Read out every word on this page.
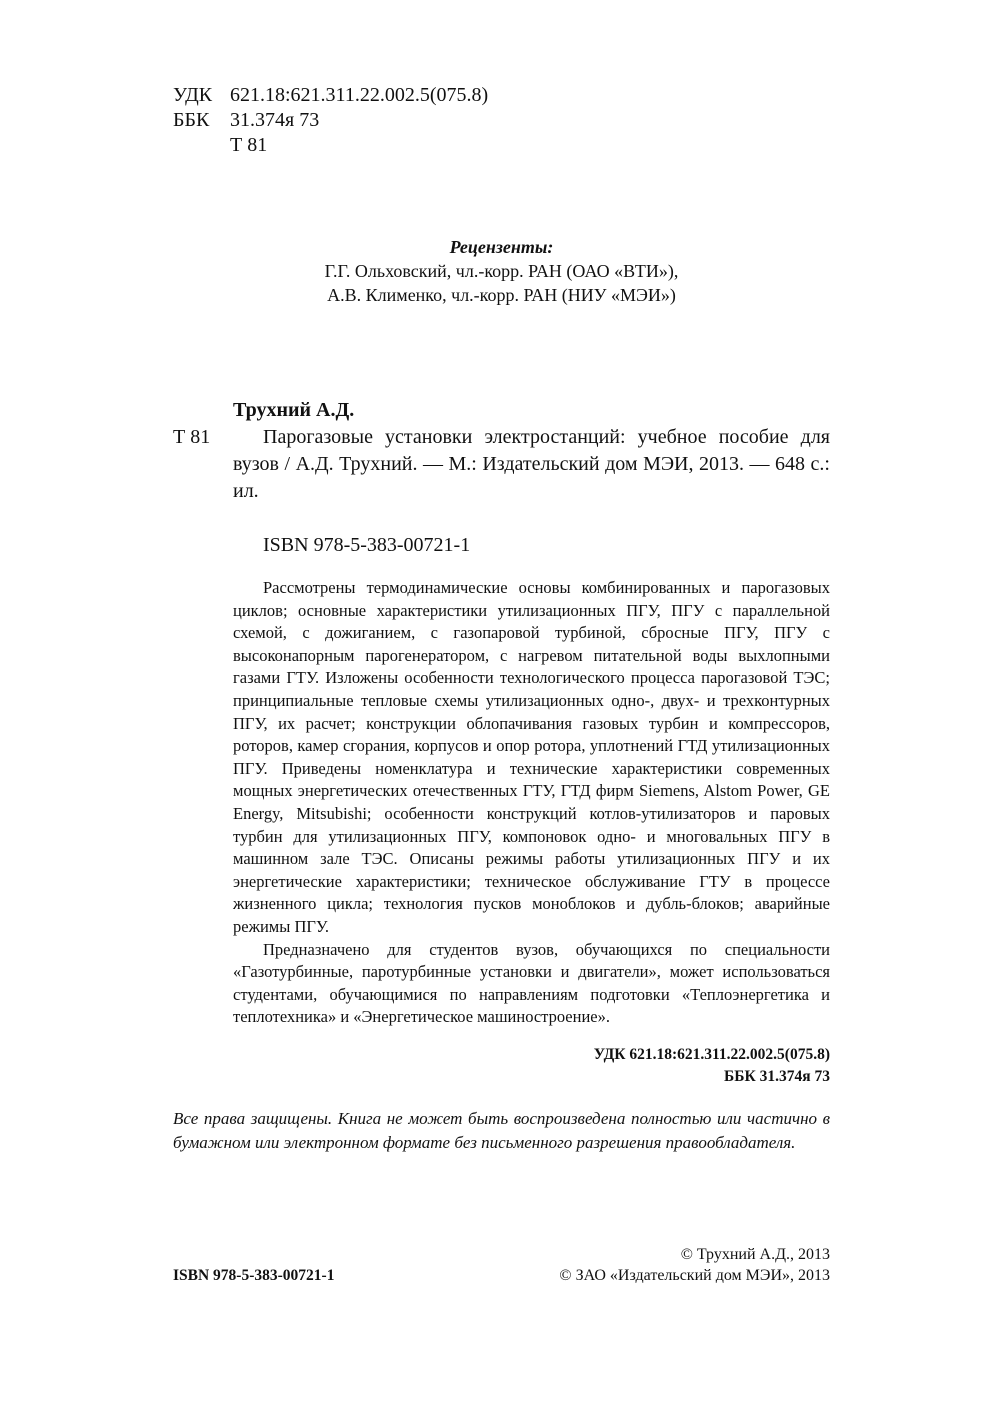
УДК 621.18:621.311.22.002.5(075.8)
ББК	31.374я 73
Т 81
Рецензенты:
Г.Г. Ольховский, чл.-корр. РАН (ОАО «ВТИ»),
А.В. Клименко, чл.-корр. РАН (НИУ «МЭИ»)
Трухний А.Д.
Т 81	Парогазовые установки электростанций: учебное пособие для вузов / А.Д. Трухний. — М.: Издательский дом МЭИ, 2013. — 648 с.: ил.
ISBN 978-5-383-00721-1

Рассмотрены термодинамические основы комбинированных и парогазовых циклов; основные характеристики утилизационных ПГУ, ПГУ с параллельной схемой, с дожиганием, с газопаровой турбиной, сбросные ПГУ, ПГУ с высоконапорным парогенератором, с нагревом питательной воды выхлопными газами ГТУ. Изложены особенности технологического процесса парогазовой ТЭС; принципиальные тепловые схемы утилизационных одно-, двух- и трехконтурных ПГУ, их расчет; конструкции облопачивания газовых турбин и компрессоров, роторов, камер сгорания, корпусов и опор ротора, уплотнений ГТД утилизационных ПГУ. Приведены номенклатура и технические характеристики современных мощных энергетических отечественных ГТУ, ГТД фирм Siemens, Alstom Power, GE Energy, Mitsubishi; особенности конструкций котлов-утилизаторов и паровых турбин для утилизационных ПГУ, компоновок одно- и многовальных ПГУ в машинном зале ТЭС. Описаны режимы работы утилизационных ПГУ и их энергетические характеристики; техническое обслуживание ГТУ в процессе жизненного цикла; технология пусков моноблоков и дубль-блоков; аварийные режимы ПГУ.

Предназначено для студентов вузов, обучающихся по специальности «Газотурбинные, паротурбинные установки и двигатели», может использоваться студентами, обучающимися по направлениям подготовки «Теплоэнергетика и теплотехника» и «Энергетическое машиностроение».

УДК 621.18:621.311.22.002.5(075.8)
ББК 31.374я 73
Все права защищены. Книга не может быть воспроизведена полностью или частично в бумажном или электронном формате без письменного разрешения правообладателя.
ISBN 978-5-383-00721-1
© Трухний А.Д., 2013
© ЗАО «Издательский дом МЭИ», 2013
